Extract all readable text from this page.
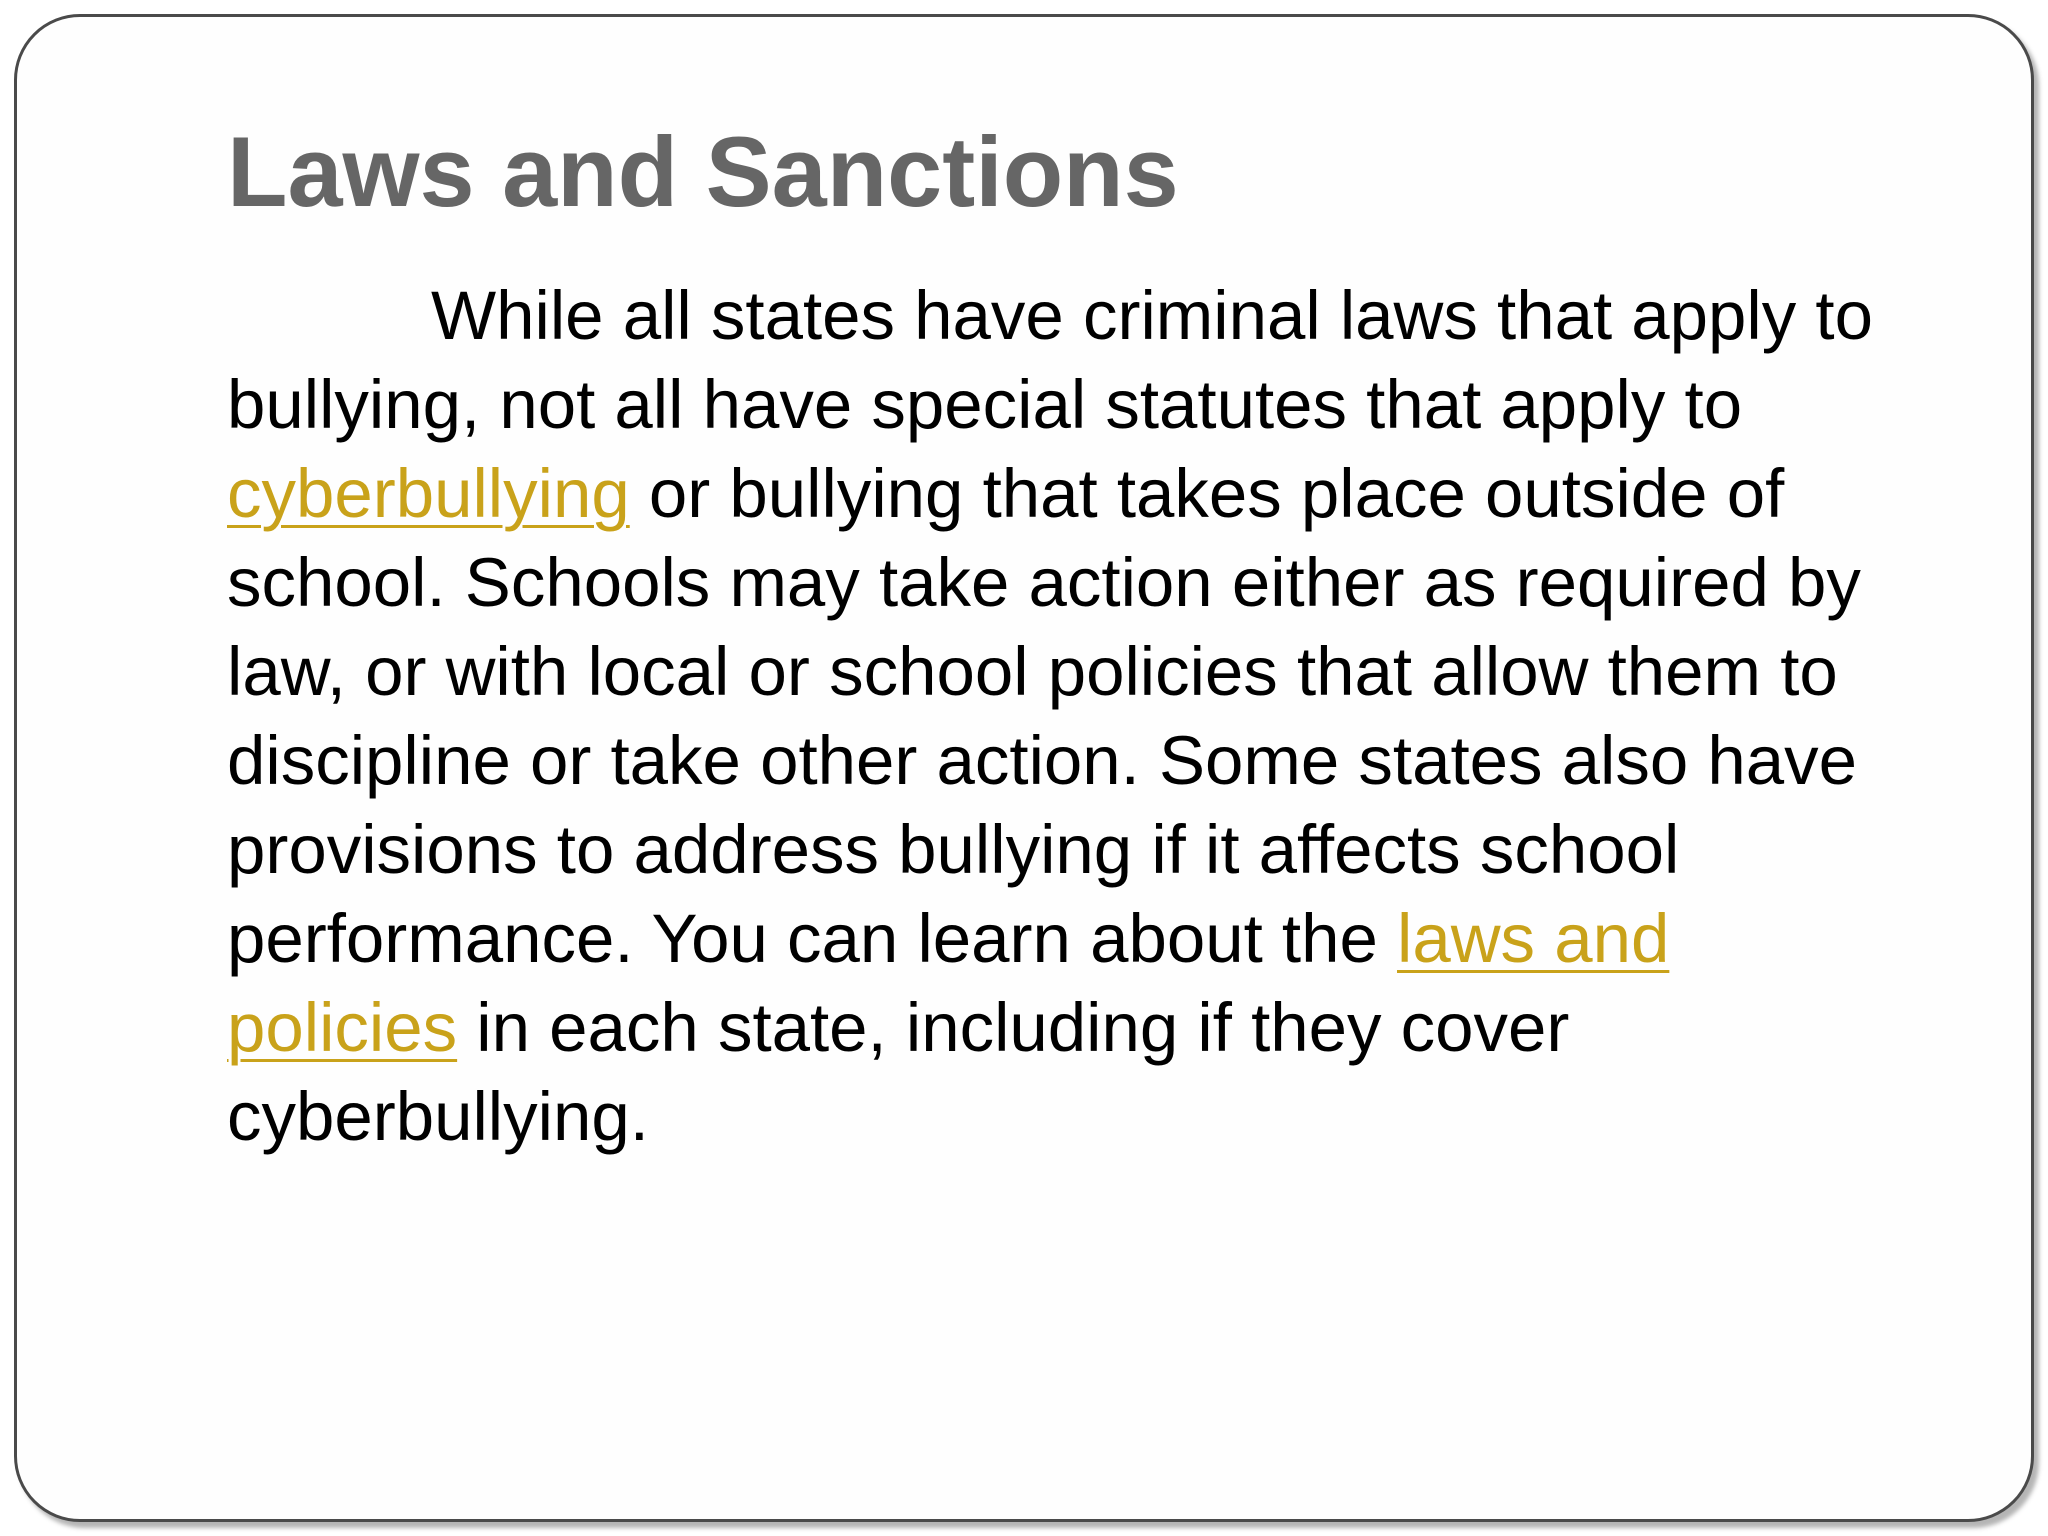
Laws and Sanctions

While all states have criminal laws that apply to bullying, not all have special statutes that apply to cyberbullying or bullying that takes place outside of school. Schools may take action either as required by law, or with local or school policies that allow them to discipline or take other action. Some states also have provisions to address bullying if it affects school performance. You can learn about the laws and policies in each state, including if they cover cyberbullying.
